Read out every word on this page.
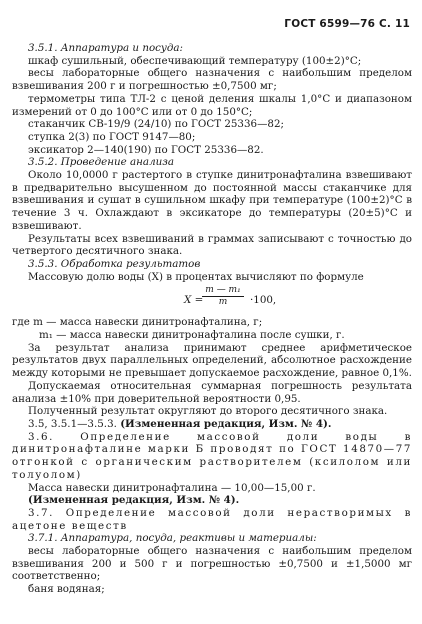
ГОСТ 6599—76 С. 11

3.5.1. Аппаратура и посуда:

шкаф сушильный, обеспечивающий температуру (100±2)°С;

весы лабораторные общего назначения с наибольшим пределом взвешивания 200 г и погрешностью ±0,7500 мг;

термометры типа ТЛ-2 с ценой деления шкалы 1,0°С и диапазоном измерений от 0 до 100°С или от 0 до 150°С;

стаканчик СВ-19/9 (24/10) по ГОСТ 25336—82;

ступка 2(3) по ГОСТ 9147—80;

эксикатор 2—140(190) по ГОСТ 25336—82.

3.5.2. Проведение анализа

Около 10,0000 г растертого в ступке динитронафталина взвешивают в предварительно высушенном до постоянной массы стаканчике для взвешивания и сушат в сушильном шкафу при температуре (100±2)°С в течение 3 ч. Охлаждают в эксикаторе до температуры (20±5)°С и взвешивают.

Результаты всех взвешиваний в граммах записывают с точностью до четвертого десятичного знака.

3.5.3. Обработка результатов

Массовую долю воды (X) в процентах вычисляют по формуле

X =
$\frac{\text{m — m₁}}{m} \cdot 100$,

где m — масса навески динитронафталина, г;

m₁ — масса навески динитронафталина после сушки, г.

За результат анализа принимают среднее арифметическое результатов двух параллельных определений, абсолютное расхождение между которыми не превышает допускаемое расхождение, равное 0,1%.

Допускаемая относительная суммарная погрешность результата анализа ±10% при доверительной вероятности 0,95.

Полученный результат округляют до второго десятичного знака.

3.5, 3.5.1—3.5.3. (Измененная редакция, Изм. № 4).

3.6. Определение массовой доли воды в динитронафталине марки Б проводят по ГОСТ 14870—77 отгонкой с органическим растворителем (ксилолом или толуолом)

Масса навески динитронафталина — 10,00—15,00 г.

(Измененная редакция, Изм. № 4).

3.7. Определение массовой доли нерастворимых в ацетоне веществ

3.7.1. Аппаратура, посуда, реактивы и материалы:

весы лабораторные общего назначения с наибольшим пределом взвешивания 200 и 500 г и погрешностью ±0,7500 и ±1,5000 мг соответственно;

баня водяная;
